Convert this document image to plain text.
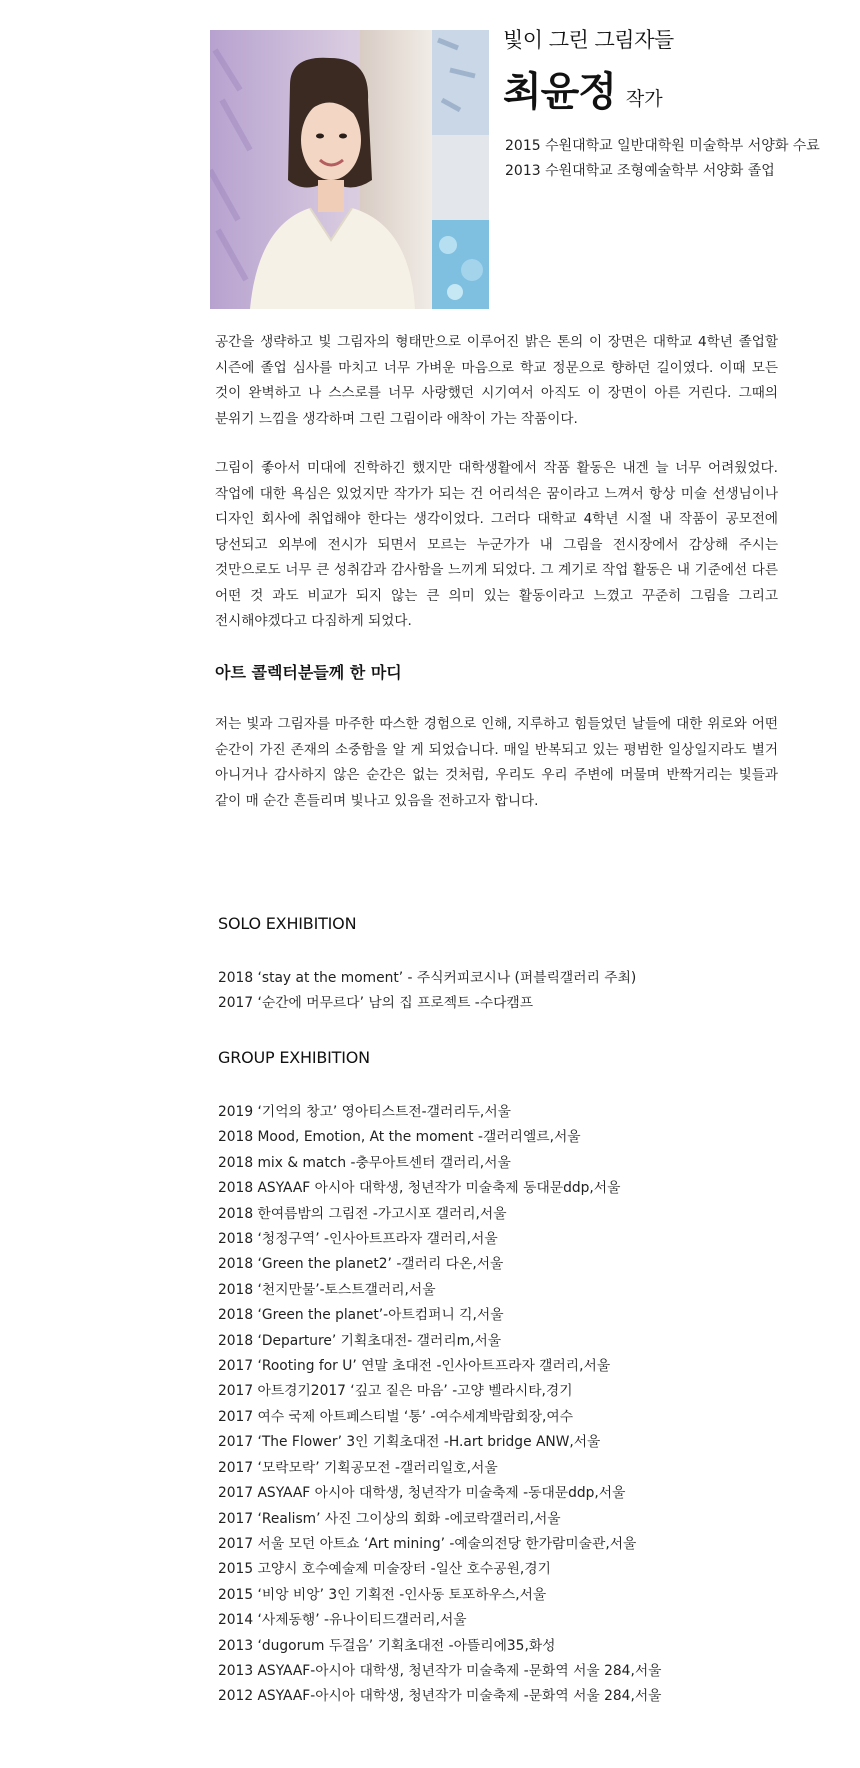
빛이 그린 그림자들
최윤정 작가
2015 수원대학교 일반대학원 미술학부 서양화 수료
2013 수원대학교 조형예술학부 서양화 졸업

공간을 생략하고 빛 그림자의 형태만으로 이루어진 밝은 톤의 이 장면은 대학교 4학년 졸업할 시즌에 졸업 심사를 마치고 너무 가벼운 마음으로 학교 정문으로 향하던 길이였다. 이때 모든 것이 완벽하고 나 스스로를 너무 사랑했던 시기여서 아직도 이 장면이 아른 거린다. 그때의 분위기 느낌을 생각하며 그린 그림이라 애착이 가는 작품이다.

그림이 좋아서 미대에 진학하긴 했지만 대학생활에서 작품 활동은 내겐 늘 너무 어려웠었다. 작업에 대한 욕심은 있었지만 작가가 되는 건 어리석은 꿈이라고 느껴서 항상 미술 선생님이나 디자인 회사에 취업해야 한다는 생각이었다. 그러다 대학교 4학년 시절 내 작품이 공모전에 당선되고 외부에 전시가 되면서 모르는 누군가가 내 그림을 전시장에서 감상해 주시는 것만으로도 너무 큰 성취감과 감사함을 느끼게 되었다. 그 계기로 작업 활동은 내 기준에선 다른 어떤 것 과도 비교가 되지 않는 큰 의미 있는 활동이라고 느꼈고 꾸준히 그림을 그리고 전시해야겠다고 다짐하게 되었다.

아트 콜렉터분들께 한 마디

저는 빛과 그림자를 마주한 따스한 경험으로 인해, 지루하고 힘들었던 날들에 대한 위로와 어떤 순간이 가진 존재의 소중함을 알 게 되었습니다. 매일 반복되고 있는 평범한 일상일지라도 별거 아니거나 감사하지 않은 순간은 없는 것처럼, 우리도 우리 주변에 머물며 반짝거리는 빛들과 같이 매 순간 흔들리며 빛나고 있음을 전하고자 합니다.

SOLO EXHIBITION
2018 ‘stay at the moment’ - 주식커피코시나 (퍼블릭갤러리 주최)
2017 ‘순간에 머무르다’ 남의 집 프로젝트 -수다캠프
GROUP EXHIBITION
2019 ‘기억의 창고’ 영아티스트전-갤러리두,서울
2018 Mood, Emotion, At the moment -갤러리엘르,서울
2018 mix & match -충무아트센터 갤러리,서울
2018 ASYAAF 아시아 대학생, 청년작가 미술축제 동대문ddp,서울
2018 한여름밤의 그림전 -가고시포 갤러리,서울
2018 ‘청정구역’ -인사아트프라자 갤러리,서울
2018 ‘Green the planet2’ -갤러리 다온,서울
2018 ‘천지만물’-토스트갤러리,서울
2018 ‘Green the planet’-아트컴퍼니 긱,서울
2018 ‘Departure’ 기획초대전- 갤러리m,서울
2017 ‘Rooting for U’ 연말 초대전 -인사아트프라자 갤러리,서울
2017 아트경기2017 ‘깊고 짙은 마음’ -고양 벨라시타,경기
2017 여수 국제 아트페스티벌 ‘통’ -여수세계박람회장,여수
2017 ‘The Flower’ 3인 기획초대전 -H.art bridge ANW,서울
2017 ‘모락모락’ 기획공모전 -갤러리일호,서울
2017 ASYAAF 아시아 대학생, 청년작가 미술축제 -동대문ddp,서울
2017 ‘Realism’ 사진 그이상의 회화 -에코락갤러리,서울
2017 서울 모던 아트쇼 ‘Art mining’ -예술의전당 한가람미술관,서울
2015 고양시 호수예술제 미술장터 -일산 호수공원,경기
2015 ‘비앙 비앙’ 3인 기획전 -인사동 토포하우스,서울
2014 ‘사제동행’ -유나이티드갤러리,서울
2013 ‘dugorum 두걸음’ 기획초대전 -아뜰리에35,화성
2013 ASYAAF-아시아 대학생, 청년작가 미술축제 -문화역 서울 284,서울
2012 ASYAAF-아시아 대학생, 청년작가 미술축제 -문화역 서울 284,서울
